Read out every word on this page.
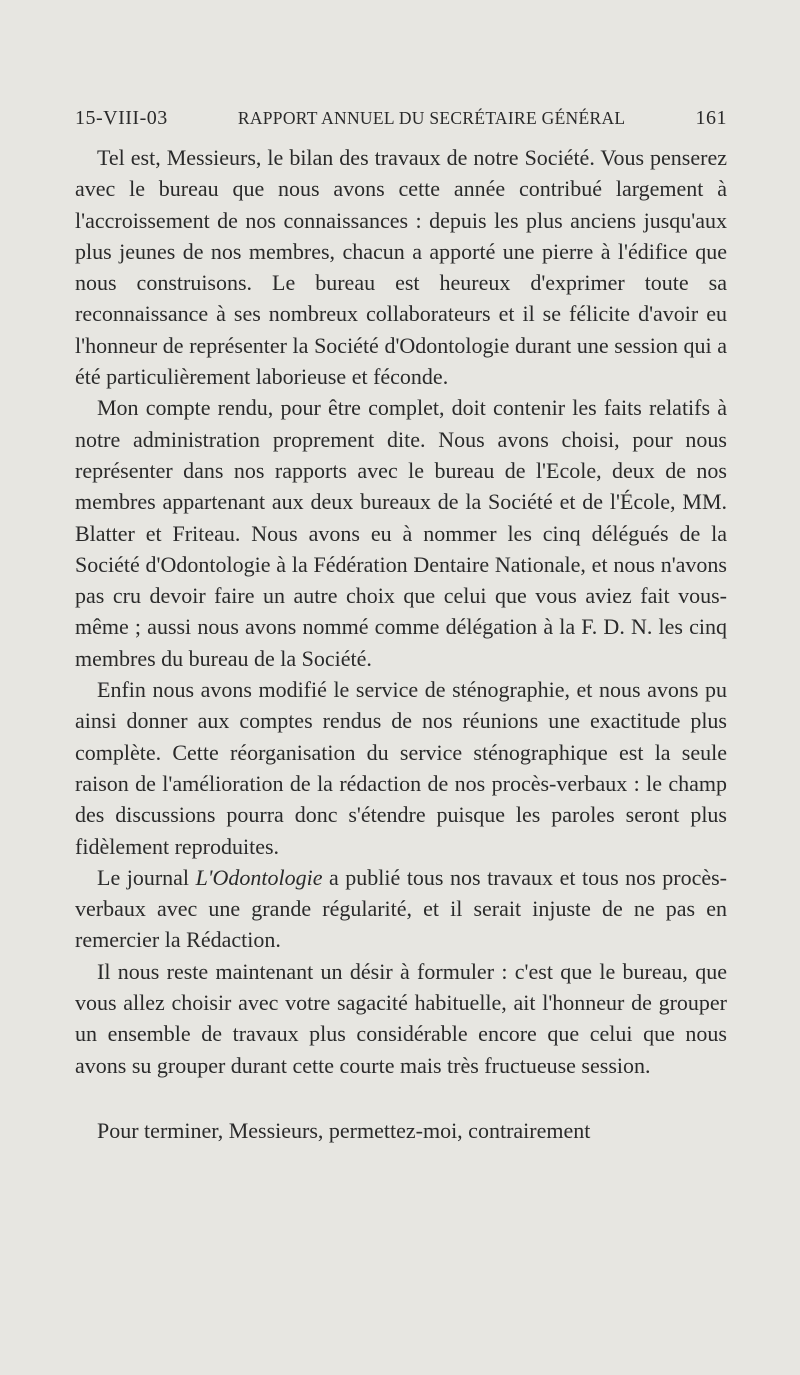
15-VIII-03	RAPPORT ANNUEL DU SECRÉTAIRE GÉNÉRAL	161

Tel est, Messieurs, le bilan des travaux de notre Société. Vous penserez avec le bureau que nous avons cette année contribué largement à l'accroissement de nos connaissances : depuis les plus anciens jusqu'aux plus jeunes de nos membres, chacun a apporté une pierre à l'édifice que nous construisons. Le bureau est heureux d'exprimer toute sa reconnaissance à ses nombreux collaborateurs et il se félicite d'avoir eu l'honneur de représenter la Société d'Odontologie durant une session qui a été particulièrement laborieuse et féconde.

Mon compte rendu, pour être complet, doit contenir les faits relatifs à notre administration proprement dite. Nous avons choisi, pour nous représenter dans nos rapports avec le bureau de l'Ecole, deux de nos membres appartenant aux deux bureaux de la Société et de l'École, MM. Blatter et Friteau. Nous avons eu à nommer les cinq délégués de la Société d'Odontologie à la Fédération Dentaire Nationale, et nous n'avons pas cru devoir faire un autre choix que celui que vous aviez fait vous-même ; aussi nous avons nommé comme délégation à la F. D. N. les cinq membres du bureau de la Société.

Enfin nous avons modifié le service de sténographie, et nous avons pu ainsi donner aux comptes rendus de nos réunions une exactitude plus complète. Cette réorganisation du service sténographique est la seule raison de l'amélioration de la rédaction de nos procès-verbaux : le champ des discussions pourra donc s'étendre puisque les paroles seront plus fidèlement reproduites.

Le journal L'Odontologie a publié tous nos travaux et tous nos procès-verbaux avec une grande régularité, et il serait injuste de ne pas en remercier la Rédaction.

Il nous reste maintenant un désir à formuler : c'est que le bureau, que vous allez choisir avec votre sagacité habituelle, ait l'honneur de grouper un ensemble de travaux plus considérable encore que celui que nous avons su grouper durant cette courte mais très fructueuse session.

Pour terminer, Messieurs, permettez-moi, contrairement
